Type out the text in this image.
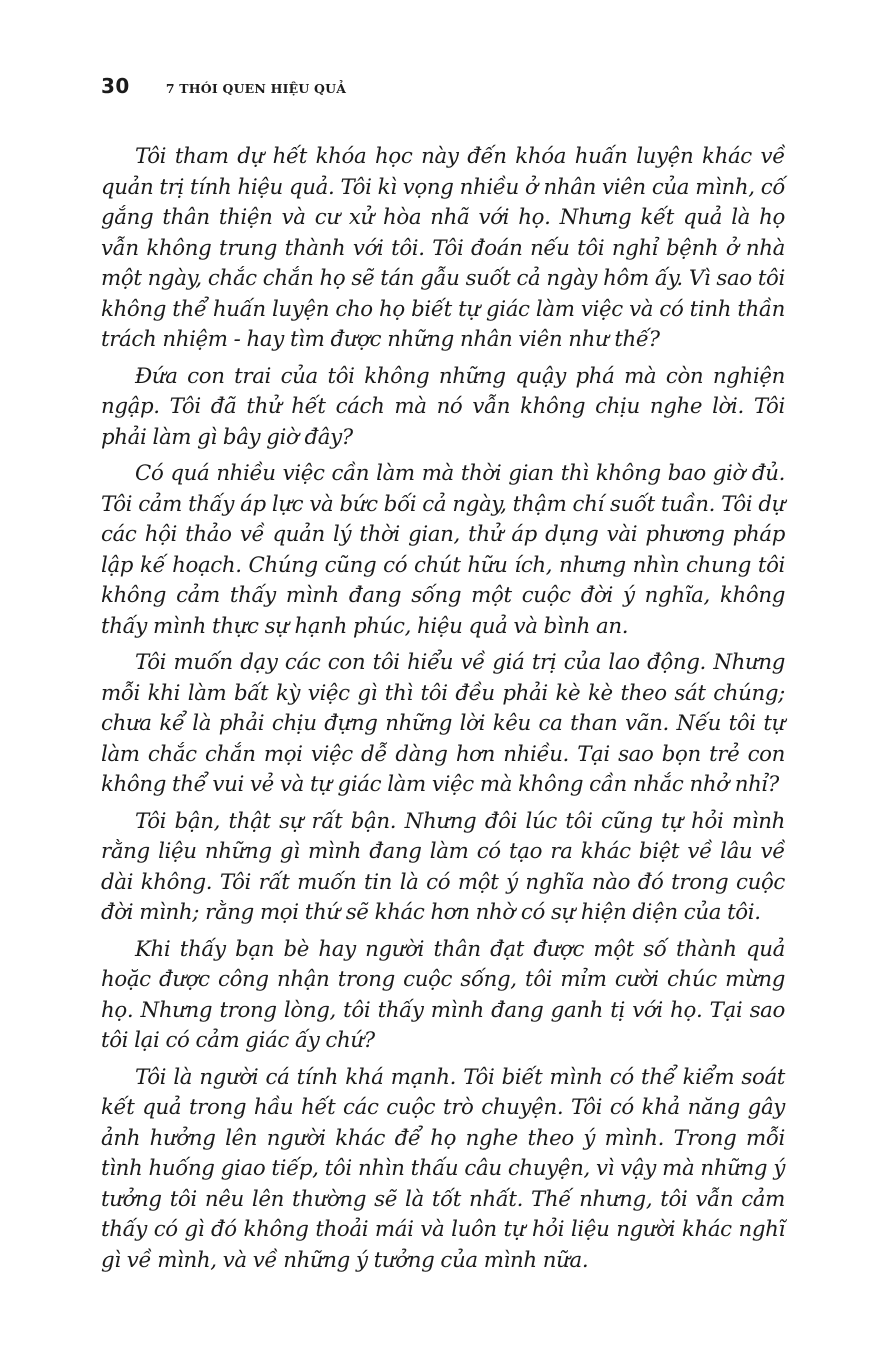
30	7 THÓI QUEN HIỆU QUẢ

Tôi tham dự hết khóa học này đến khóa huấn luyện khác về quản trị tính hiệu quả. Tôi kì vọng nhiều ở nhân viên của mình, cố gắng thân thiện và cư xử hòa nhã với họ. Nhưng kết quả là họ vẫn không trung thành với tôi. Tôi đoán nếu tôi nghỉ bệnh ở nhà một ngày, chắc chắn họ sẽ tán gẫu suốt cả ngày hôm ấy. Vì sao tôi không thể huấn luyện cho họ biết tự giác làm việc và có tinh thần trách nhiệm - hay tìm được những nhân viên như thế?

Đứa con trai của tôi không những quậy phá mà còn nghiện ngập. Tôi đã thử hết cách mà nó vẫn không chịu nghe lời. Tôi phải làm gì bây giờ đây?

Có quá nhiều việc cần làm mà thời gian thì không bao giờ đủ. Tôi cảm thấy áp lực và bức bối cả ngày, thậm chí suốt tuần. Tôi dự các hội thảo về quản lý thời gian, thử áp dụng vài phương pháp lập kế hoạch. Chúng cũng có chút hữu ích, nhưng nhìn chung tôi không cảm thấy mình đang sống một cuộc đời ý nghĩa, không thấy mình thực sự hạnh phúc, hiệu quả và bình an.

Tôi muốn dạy các con tôi hiểu về giá trị của lao động. Nhưng mỗi khi làm bất kỳ việc gì thì tôi đều phải kè kè theo sát chúng; chưa kể là phải chịu đựng những lời kêu ca than vãn. Nếu tôi tự làm chắc chắn mọi việc dễ dàng hơn nhiều. Tại sao bọn trẻ con không thể vui vẻ và tự giác làm việc mà không cần nhắc nhở nhỉ?

Tôi bận, thật sự rất bận. Nhưng đôi lúc tôi cũng tự hỏi mình rằng liệu những gì mình đang làm có tạo ra khác biệt về lâu về dài không. Tôi rất muốn tin là có một ý nghĩa nào đó trong cuộc đời mình; rằng mọi thứ sẽ khác hơn nhờ có sự hiện diện của tôi.

Khi thấy bạn bè hay người thân đạt được một số thành quả hoặc được công nhận trong cuộc sống, tôi mỉm cười chúc mừng họ. Nhưng trong lòng, tôi thấy mình đang ganh tị với họ. Tại sao tôi lại có cảm giác ấy chứ?

Tôi là người cá tính khá mạnh. Tôi biết mình có thể kiểm soát kết quả trong hầu hết các cuộc trò chuyện. Tôi có khả năng gây ảnh hưởng lên người khác để họ nghe theo ý mình. Trong mỗi tình huống giao tiếp, tôi nhìn thấu câu chuyện, vì vậy mà những ý tưởng tôi nêu lên thường sẽ là tốt nhất. Thế nhưng, tôi vẫn cảm thấy có gì đó không thoải mái và luôn tự hỏi liệu người khác nghĩ gì về mình, và về những ý tưởng của mình nữa.
